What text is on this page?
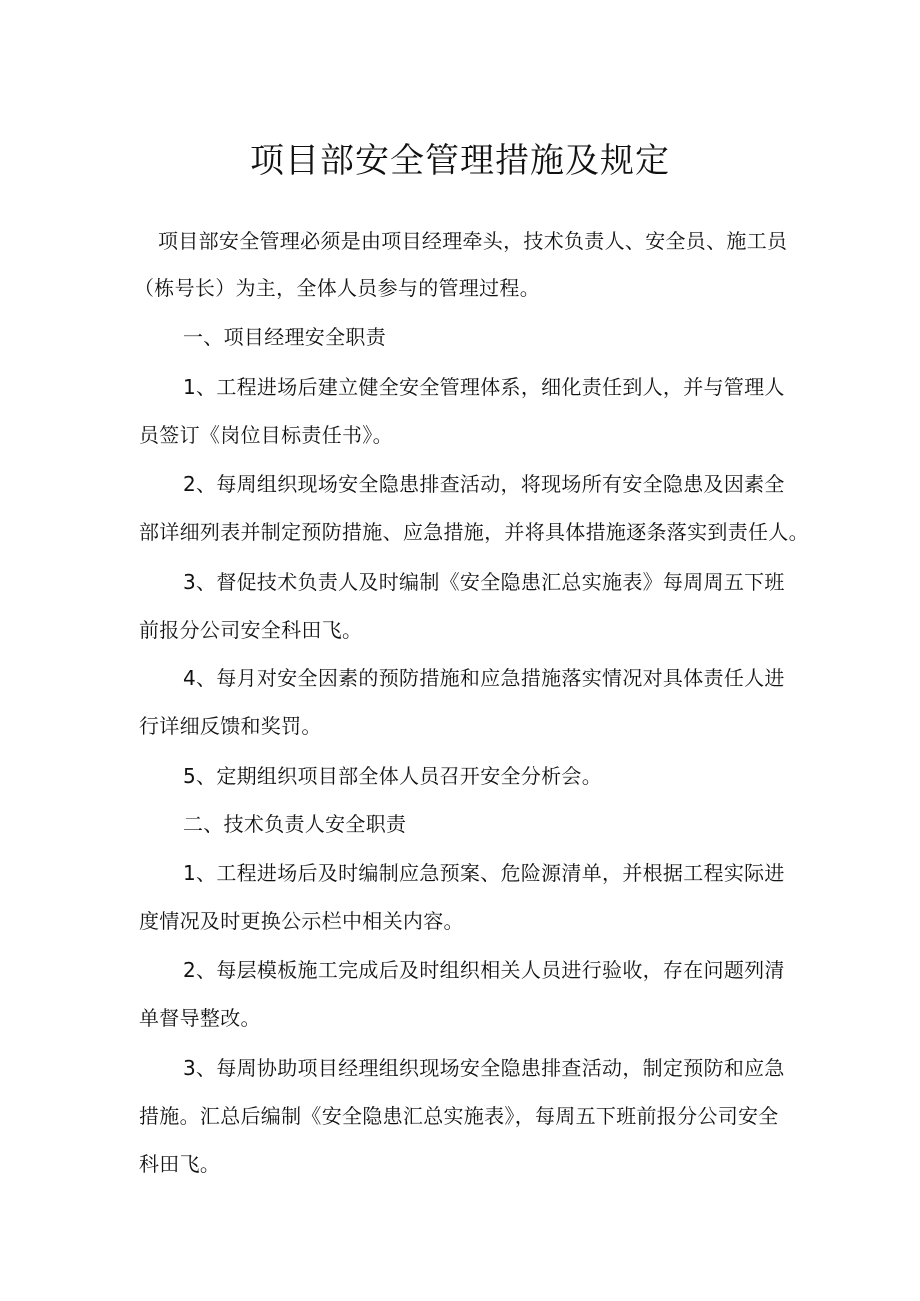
项目部安全管理措施及规定
项目部安全管理必须是由项目经理牵头，技术负责人、安全员、施工员
（栋号长）为主，全体人员参与的管理过程。
一、项目经理安全职责
1、工程进场后建立健全安全管理体系，细化责任到人，并与管理人
员签订《岗位目标责任书》。
2、每周组织现场安全隐患排查活动，将现场所有安全隐患及因素全
部详细列表并制定预防措施、应急措施，并将具体措施逐条落实到责任人。
3、督促技术负责人及时编制《安全隐患汇总实施表》每周周五下班
前报分公司安全科田飞。
4、每月对安全因素的预防措施和应急措施落实情况对具体责任人进
行详细反馈和奖罚。
5、定期组织项目部全体人员召开安全分析会。
二、技术负责人安全职责
1、工程进场后及时编制应急预案、危险源清单，并根据工程实际进
度情况及时更换公示栏中相关内容。
2、每层模板施工完成后及时组织相关人员进行验收，存在问题列清
单督导整改。
3、每周协助项目经理组织现场安全隐患排查活动，制定预防和应急
措施。汇总后编制《安全隐患汇总实施表》，每周五下班前报分公司安全
科田飞。
